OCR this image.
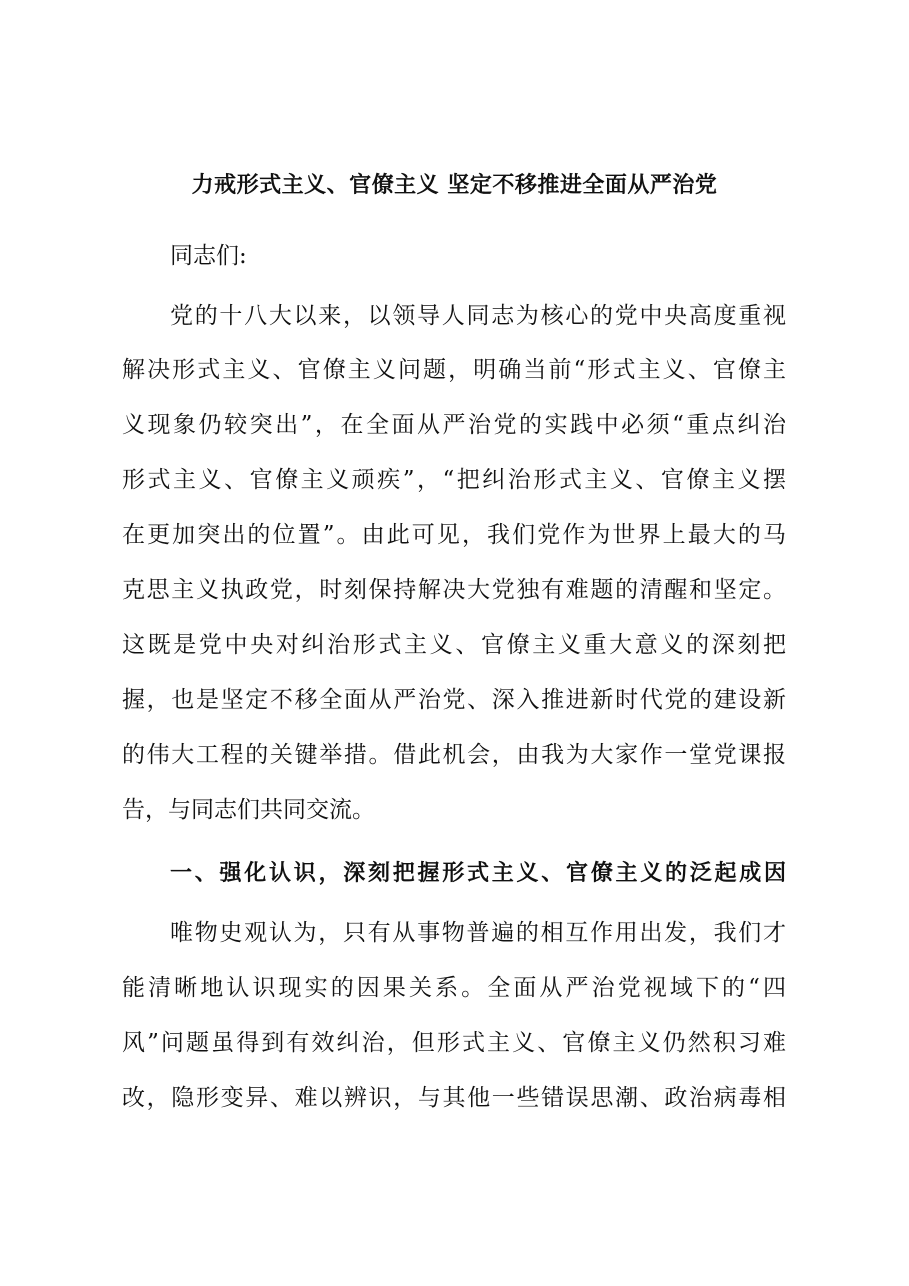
力戒形式主义、官僚主义 坚定不移推进全面从严治党
同志们:
党的十八大以来，以领导人同志为核心的党中央高度重视
解决形式主义、官僚主义问题，明确当前“形式主义、官僚主
义现象仍较突出”，在全面从严治党的实践中必须“重点纠治
形式主义、官僚主义顽疾”，“把纠治形式主义、官僚主义摆
在更加突出的位置”。由此可见，我们党作为世界上最大的马
克思主义执政党，时刻保持解决大党独有难题的清醒和坚定。
这既是党中央对纠治形式主义、官僚主义重大意义的深刻把
握，也是坚定不移全面从严治党、深入推进新时代党的建设新
的伟大工程的关键举措。借此机会，由我为大家作一堂党课报
告，与同志们共同交流。
一、强化认识，深刻把握形式主义、官僚主义的泛起成因
唯物史观认为，只有从事物普遍的相互作用出发，我们才
能清晰地认识现实的因果关系。全面从严治党视域下的“四
风”问题虽得到有效纠治，但形式主义、官僚主义仍然积习难
改，隐形变异、难以辨识，与其他一些错误思潮、政治病毒相
